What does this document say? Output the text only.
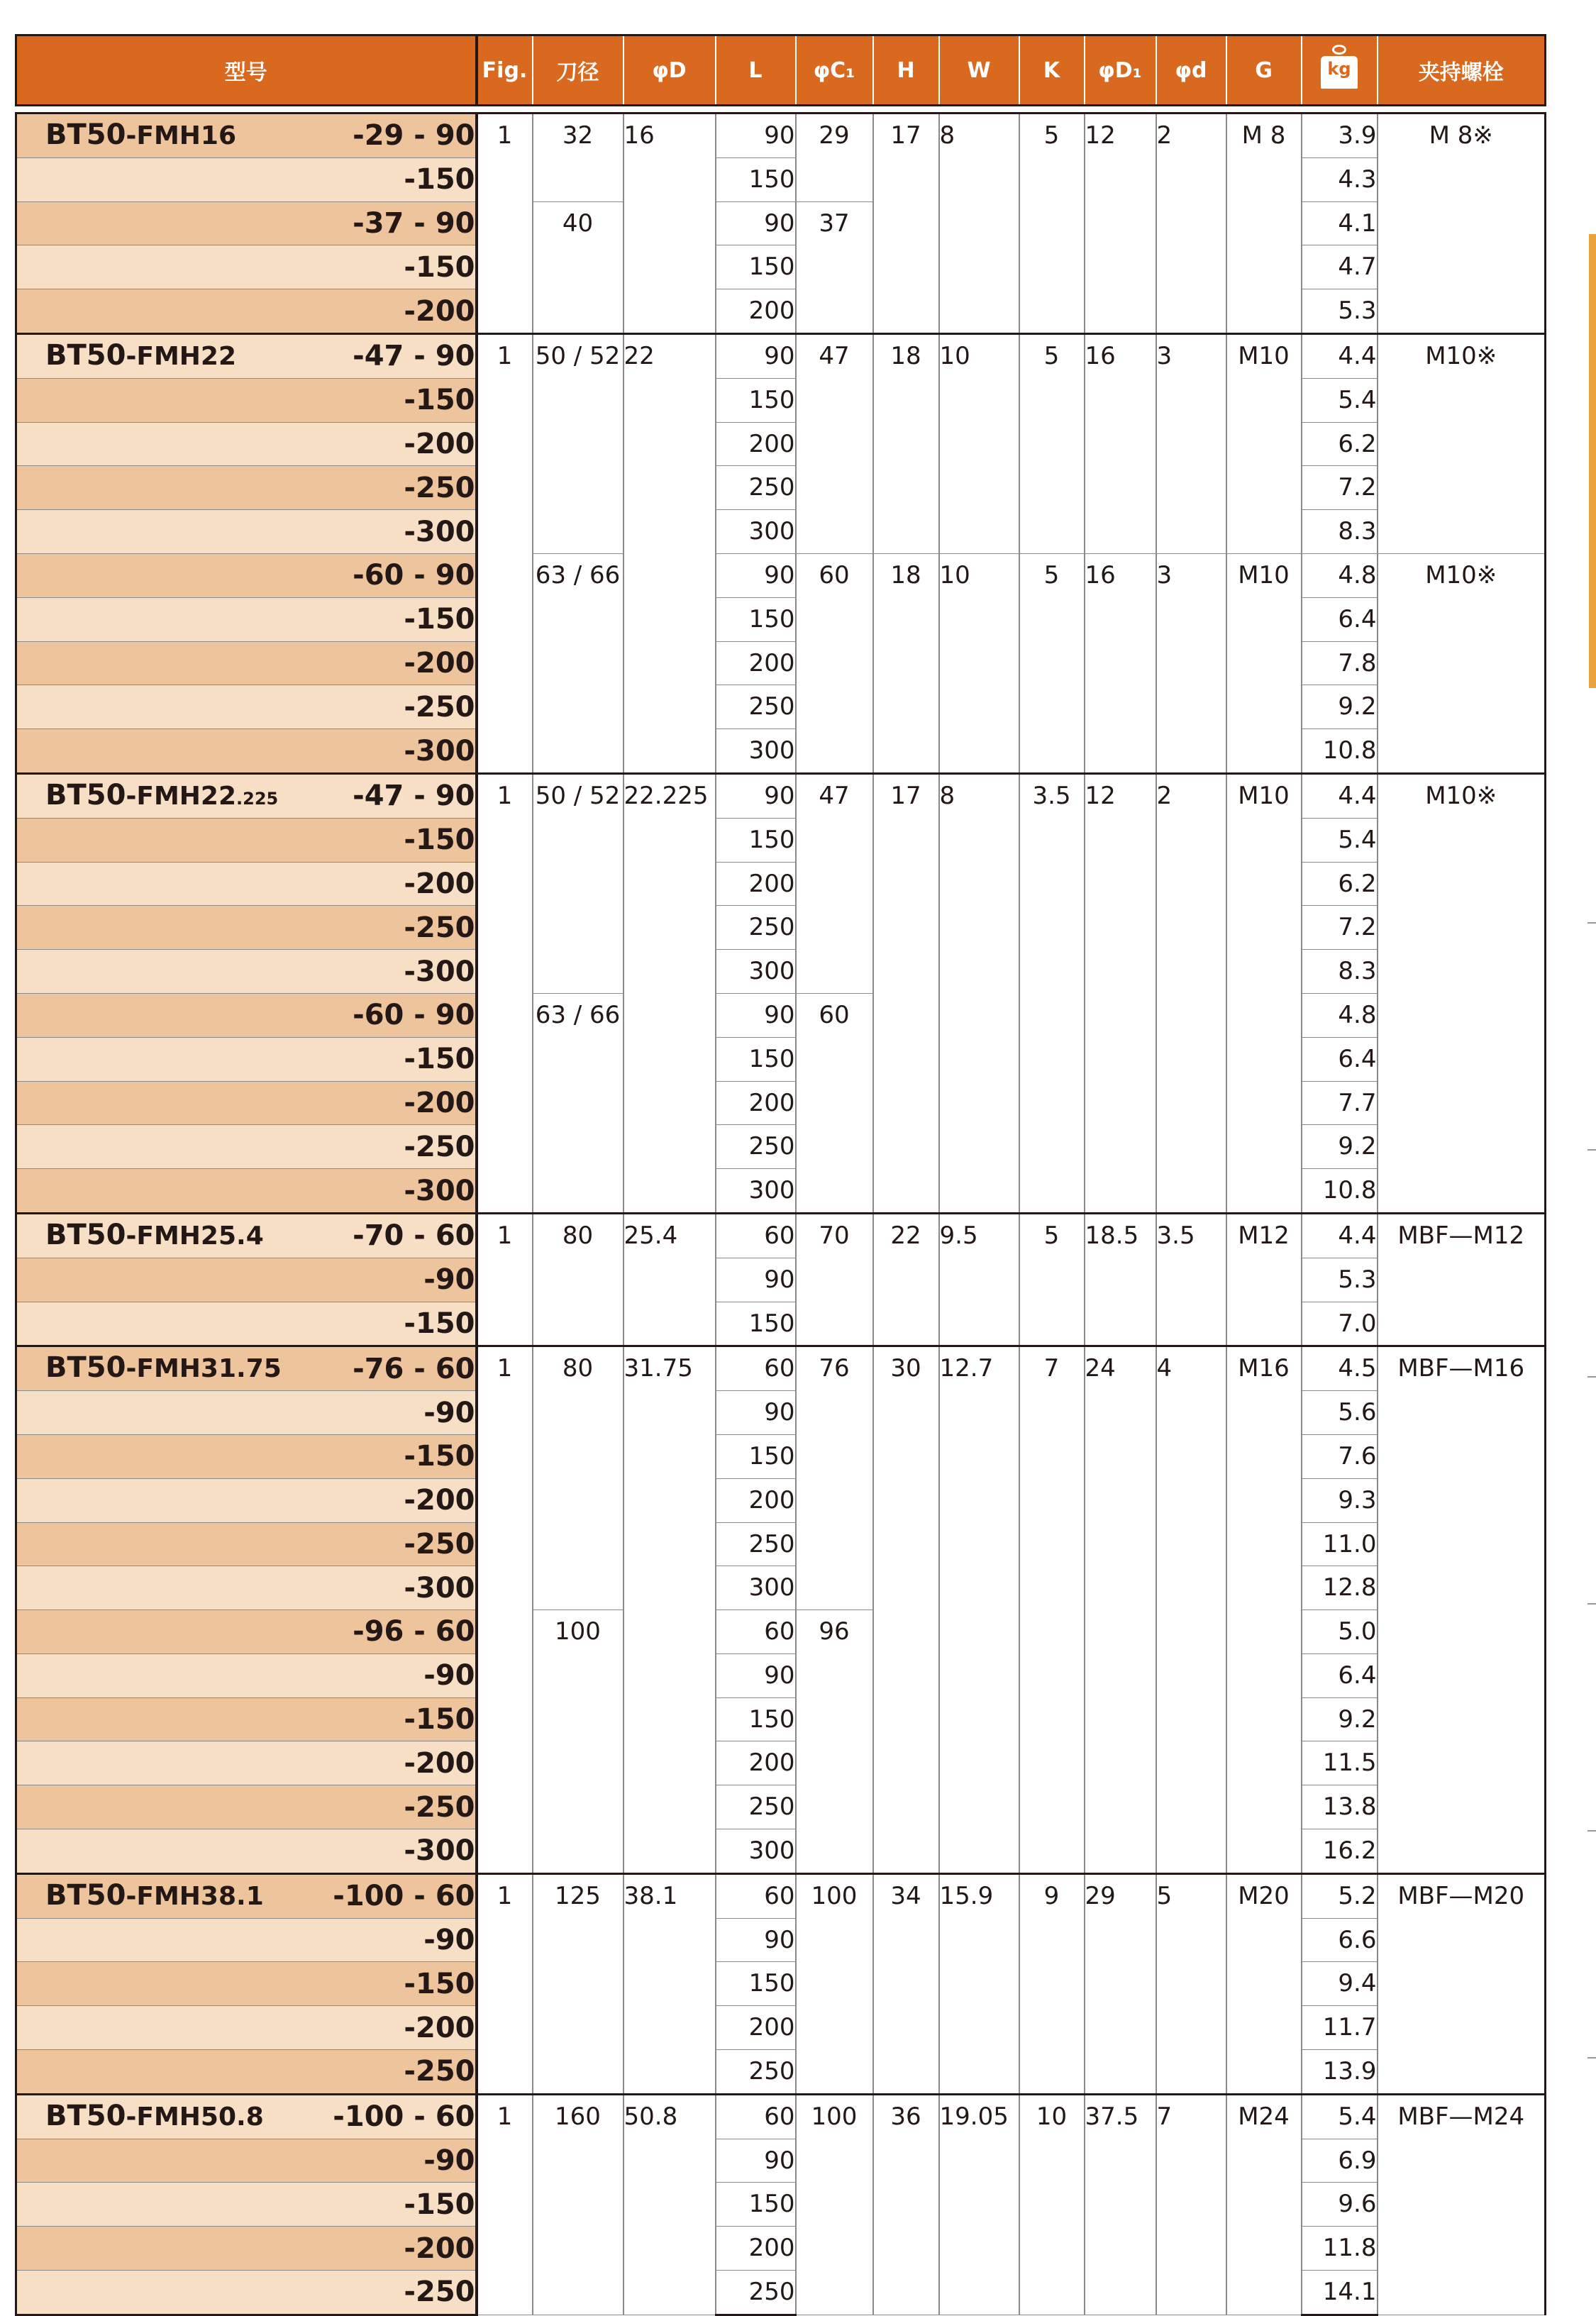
型号	Fig.	刀径	φD	L	φC₁	H	W	K	φD₁	φd	G	kg	夹持螺栓

BT50-FMH16 -29 - 90	1	32	16	90	29	17	8	5	12	2	M 8	3.9	M 8※
-150				150								4.3	
-37 - 90		40		90	37							4.1	
-150				150								4.7	
-200				200								5.3	

BT50-FMH22 -47 - 90	1	50 / 52	22	90	47	18	10	5	16	3	M10	4.4	M10※
-150				150								5.4	
-200				200								6.2	
-250				250								7.2	
-300				300								8.3	
-60 - 90		63 / 66		90	60	18	10	5	16	3	M10	4.8	M10※
-150				150								6.4	
-200				200								7.8	
-250				250								9.2	
-300				300								10.8	

BT50-FMH22.225 -47 - 90	1	50 / 52	22.225	90	47	17	8	3.5	12	2	M10	4.4	M10※
-150				150								5.4	
-200				200								6.2	
-250				250								7.2	
-300				300								8.3	
-60 - 90		63 / 66		90	60							4.8	
-150				150								6.4	
-200				200								7.7	
-250				250								9.2	
-300				300								10.8	

BT50-FMH25.4 -70 - 60	1	80	25.4	60	70	22	9.5	5	18.5	3.5	M12	4.4	MBF—M12
-90				90								5.3	
-150				150								7.0	

BT50-FMH31.75 -76 - 60	1	80	31.75	60	76	30	12.7	7	24	4	M16	4.5	MBF—M16
-90				90								5.6	
-150				150								7.6	
-200				200								9.3	
-250				250								11.0	
-300				300								12.8	
-96 - 60		100		60	96							5.0	
-90				90								6.4	
-150				150								9.2	
-200				200								11.5	
-250				250								13.8	
-300				300								16.2	

BT50-FMH38.1 -100 - 60	1	125	38.1	60	100	34	15.9	9	29	5	M20	5.2	MBF—M20
-90				90								6.6	
-150				150								9.4	
-200				200								11.7	
-250				250								13.9	

BT50-FMH50.8 -100 - 60	1	160	50.8	60	100	36	19.05	10	37.5	7	M24	5.4	MBF—M24
-90				90								6.9	
-150				150								9.6	
-200				200								11.8	
-250				250								14.1	
